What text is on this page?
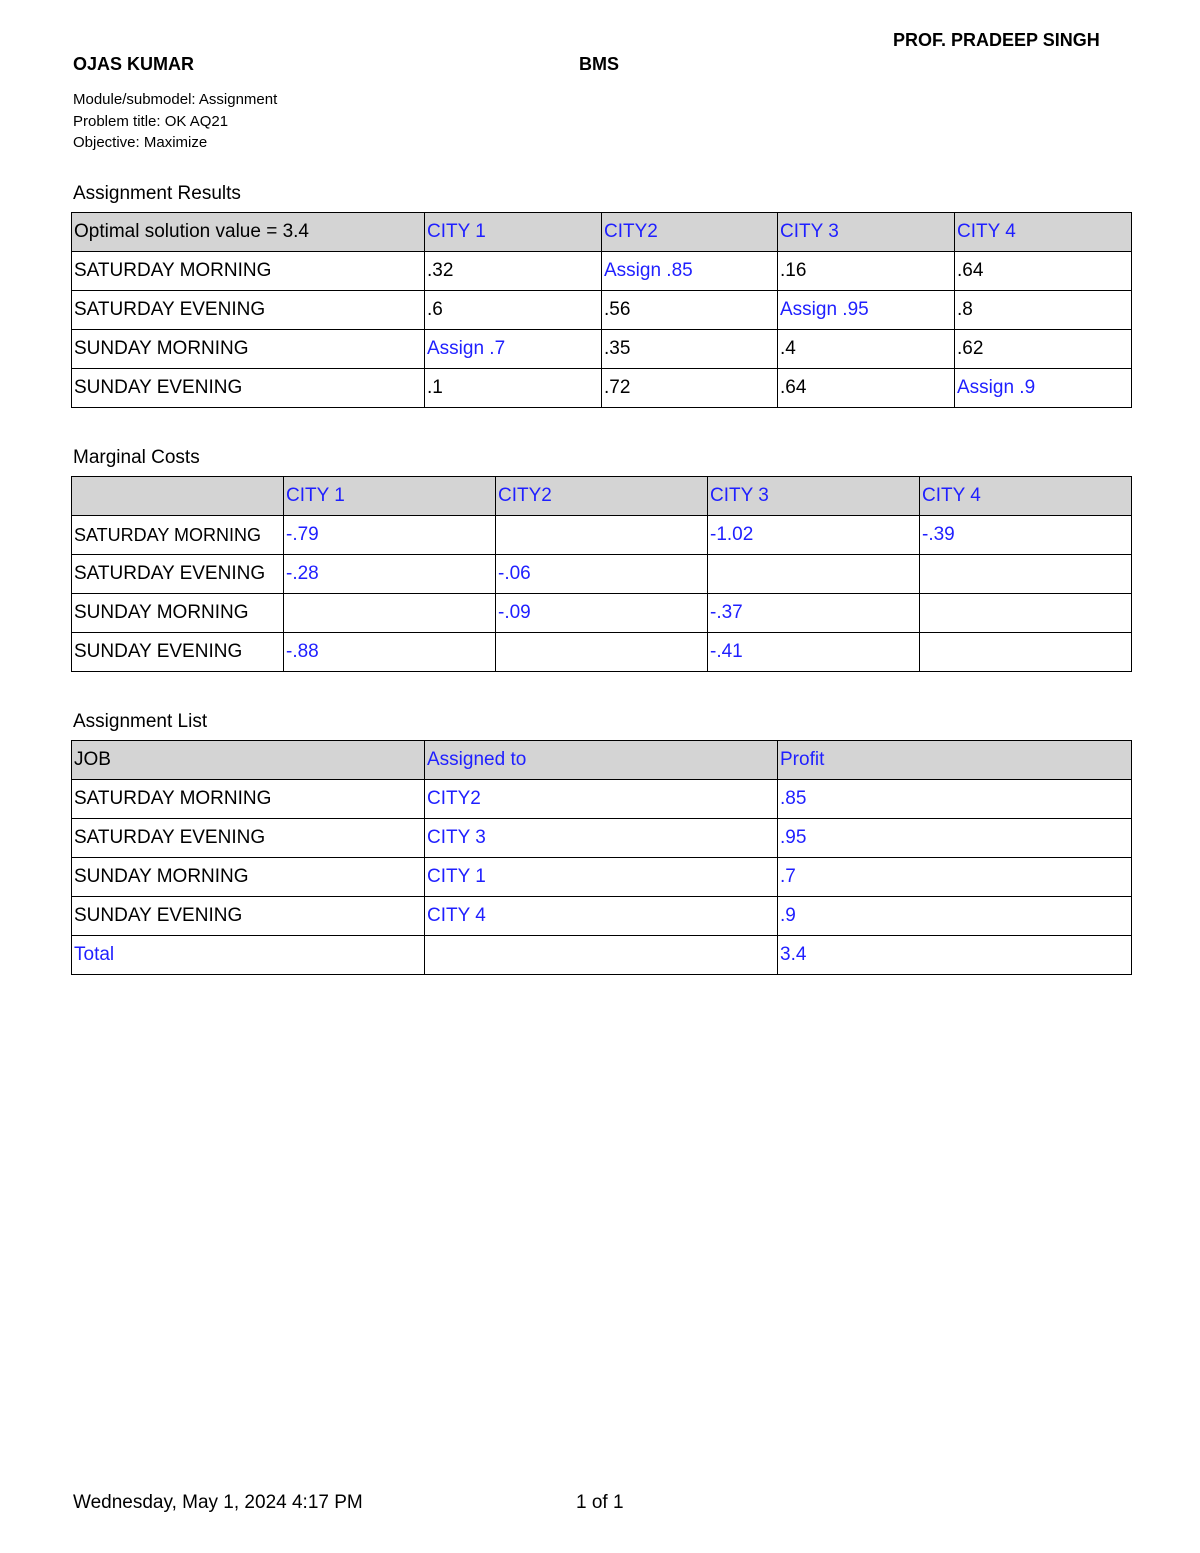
PROF. PRADEEP SINGH
OJAS KUMAR	BMS
Module/submodel: Assignment
Problem title: OK AQ21
Objective: Maximize
Assignment Results
Optimal solution value = 3.4	CITY 1	CITY2	CITY 3	CITY 4
SATURDAY MORNING	.32	Assign .85	.16	.64
SATURDAY EVENING	.6	.56	Assign .95	.8
SUNDAY MORNING	Assign .7	.35	.4	.62
SUNDAY EVENING	.1	.72	.64	Assign .9
Marginal Costs
	CITY 1	CITY2	CITY 3	CITY 4
SATURDAY MORNING	-.79		-1.02	-.39
SATURDAY EVENING	-.28	-.06		
SUNDAY MORNING		-.09	-.37	
SUNDAY EVENING	-.88		-.41	
Assignment List
JOB	Assigned to	Profit
SATURDAY MORNING	CITY2	.85
SATURDAY EVENING	CITY 3	.95
SUNDAY MORNING	CITY 1	.7
SUNDAY EVENING	CITY 4	.9
Total		3.4
Wednesday, May 1, 2024 4:17 PM	1 of 1
